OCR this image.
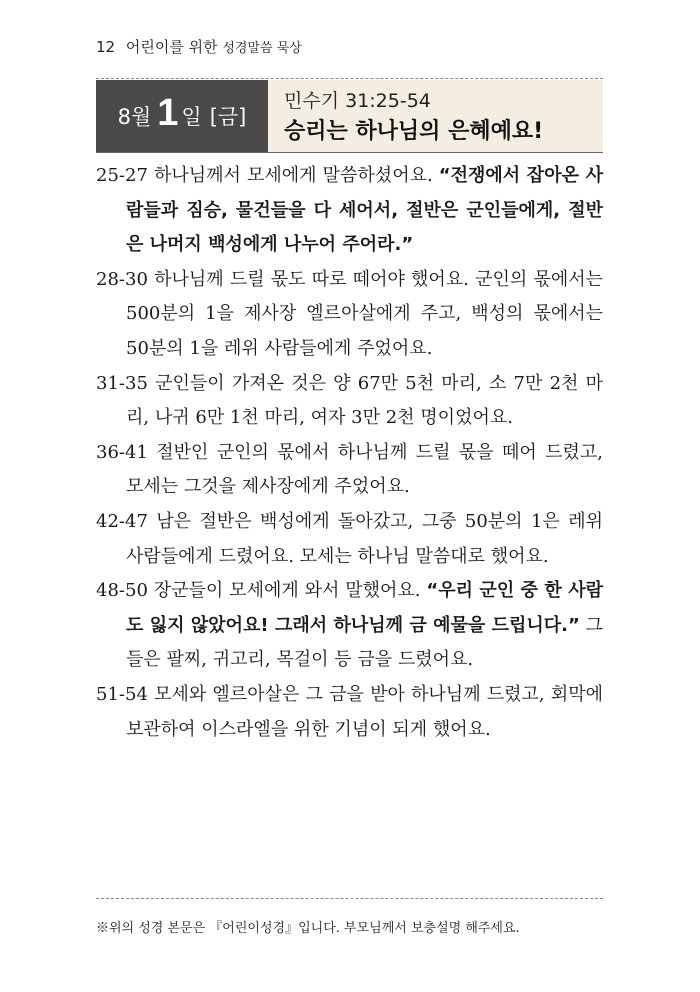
12 어린이를 위한 성경말씀 묵상
8월 1 일 [금]
민수기 31:25-54
승리는 하나님의 은혜예요!

25-27 하나님께서 모세에게 말씀하셨어요. “전쟁에서 잡아온 사람들과 짐승, 물건들을 다 세어서, 절반은 군인들에게, 절반은 나머지 백성에게 나누어 주어라.”

28-30 하나님께 드릴 몫도 따로 떼어야 했어요. 군인의 몫에서는 500분의 1을 제사장 엘르아살에게 주고, 백성의 몫에서는 50분의 1을 레위 사람들에게 주었어요.

31-35 군인들이 가져온 것은 양 67만 5천 마리, 소 7만 2천 마리, 나귀 6만 1천 마리, 여자 3만 2천 명이었어요.

36-41 절반인 군인의 몫에서 하나님께 드릴 몫을 떼어 드렸고, 모세는 그것을 제사장에게 주었어요.

42-47 남은 절반은 백성에게 돌아갔고, 그중 50분의 1은 레위 사람들에게 드렸어요. 모세는 하나님 말씀대로 했어요.

48-50 장군들이 모세에게 와서 말했어요. “우리 군인 중 한 사람도 잃지 않았어요! 그래서 하나님께 금 예물을 드립니다.” 그들은 팔찌, 귀고리, 목걸이 등 금을 드렸어요.

51-54 모세와 엘르아살은 그 금을 받아 하나님께 드렸고, 회막에 보관하여 이스라엘을 위한 기념이 되게 했어요.

※위의 성경 본문은 『어린이성경』입니다. 부모님께서 보충설명 해주세요.
